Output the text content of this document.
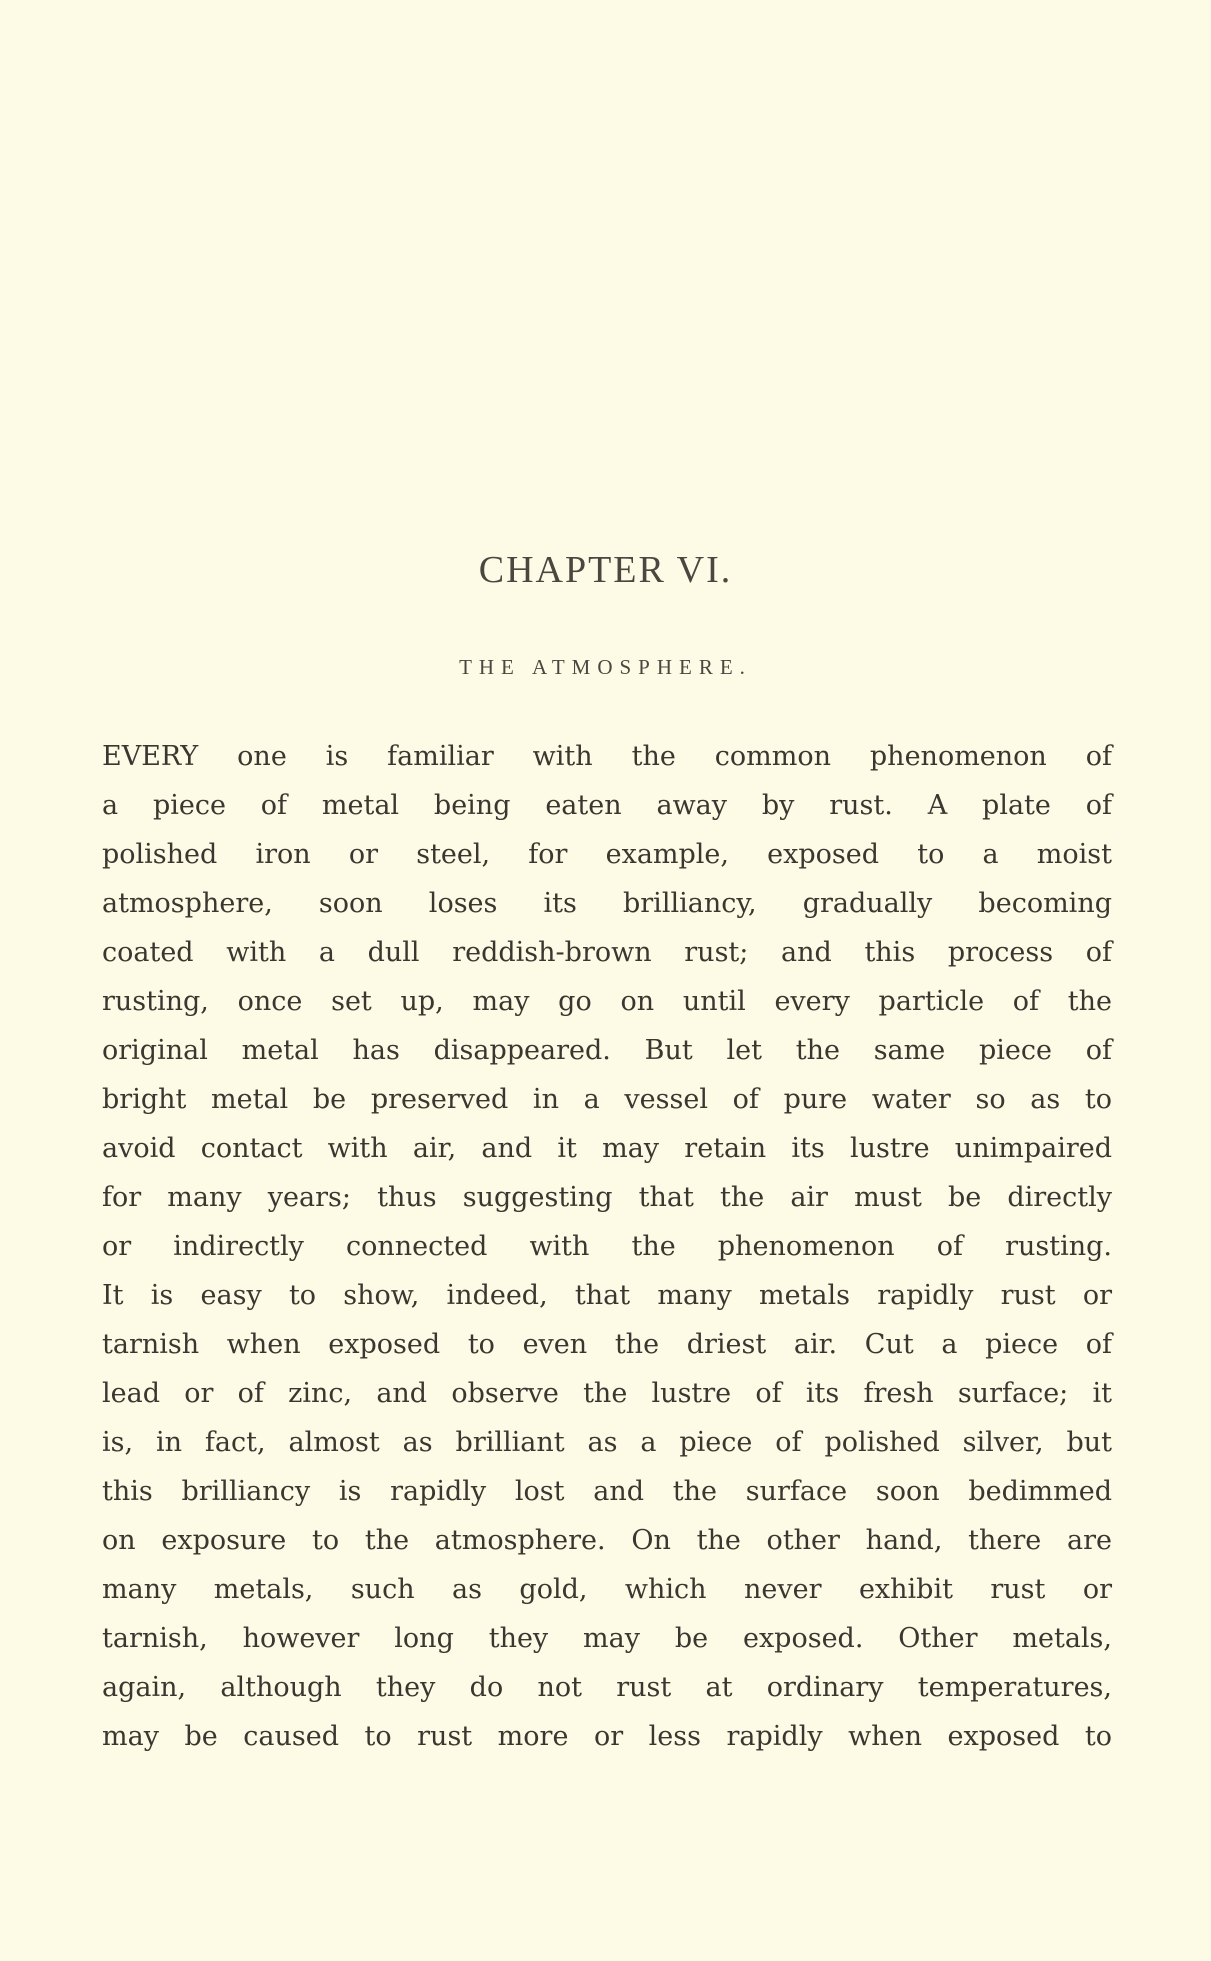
CHAPTER VI.
THE ATMOSPHERE.
EVERY one is familiar with the common phenomenon of
a piece of metal being eaten away by rust. A plate of
polished iron or steel, for example, exposed to a moist
atmosphere, soon loses its brilliancy, gradually becoming
coated with a dull reddish-brown rust; and this process of
rusting, once set up, may go on until every particle of the
original metal has disappeared. But let the same piece of
bright metal be preserved in a vessel of pure water so as to
avoid contact with air, and it may retain its lustre unimpaired
for many years; thus suggesting that the air must be directly
or indirectly connected with the phenomenon of rusting.
It is easy to show, indeed, that many metals rapidly rust or
tarnish when exposed to even the driest air. Cut a piece of
lead or of zinc, and observe the lustre of its fresh surface; it
is, in fact, almost as brilliant as a piece of polished silver, but
this brilliancy is rapidly lost and the surface soon bedimmed
on exposure to the atmosphere. On the other hand, there are
many metals, such as gold, which never exhibit rust or
tarnish, however long they may be exposed. Other metals,
again, although they do not rust at ordinary temperatures,
may be caused to rust more or less rapidly when exposed to
